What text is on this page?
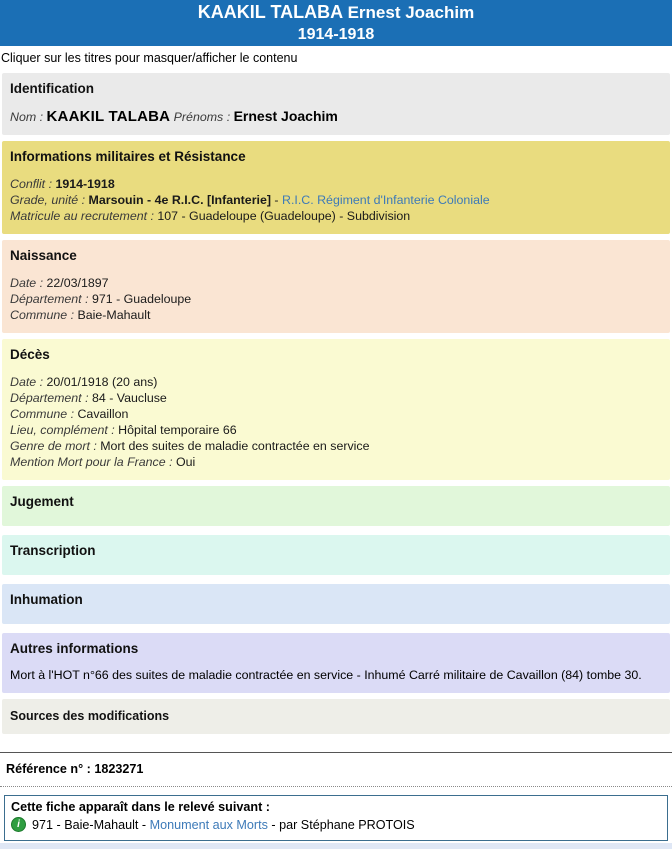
KAAKIL TALABA Ernest Joachim
1914-1918
Cliquer sur les titres pour masquer/afficher le contenu
Identification

Nom : KAAKIL TALABA Prénoms : Ernest Joachim

Informations militaires et Résistance
Conflit : 1914-1918
Grade, unité : Marsouin - 4e R.I.C. [Infanterie] - R.I.C. Régiment d'Infanterie Coloniale
Matricule au recrutement : 107 - Guadeloupe (Guadeloupe) - Subdivision
Naissance
Date : 22/03/1897
Département : 971 - Guadeloupe
Commune : Baie-Mahault
Décès
Date : 20/01/1918 (20 ans)
Département : 84 - Vaucluse
Commune : Cavaillon
Lieu, complément : Hôpital temporaire 66
Genre de mort : Mort des suites de maladie contractée en service
Mention Mort pour la France : Oui
Jugement
Transcription
Inhumation
Autres informations

Mort à l'HOT n°66 des suites de maladie contractée en service - Inhumé Carré militaire de Cavaillon (84) tombe 30.

Sources des modifications

Référence n° : 1823271

Cette fiche apparaît dans le relevé suivant :

i 971 - Baie-Mahault - Monument aux Morts - par Stéphane PROTOIS
